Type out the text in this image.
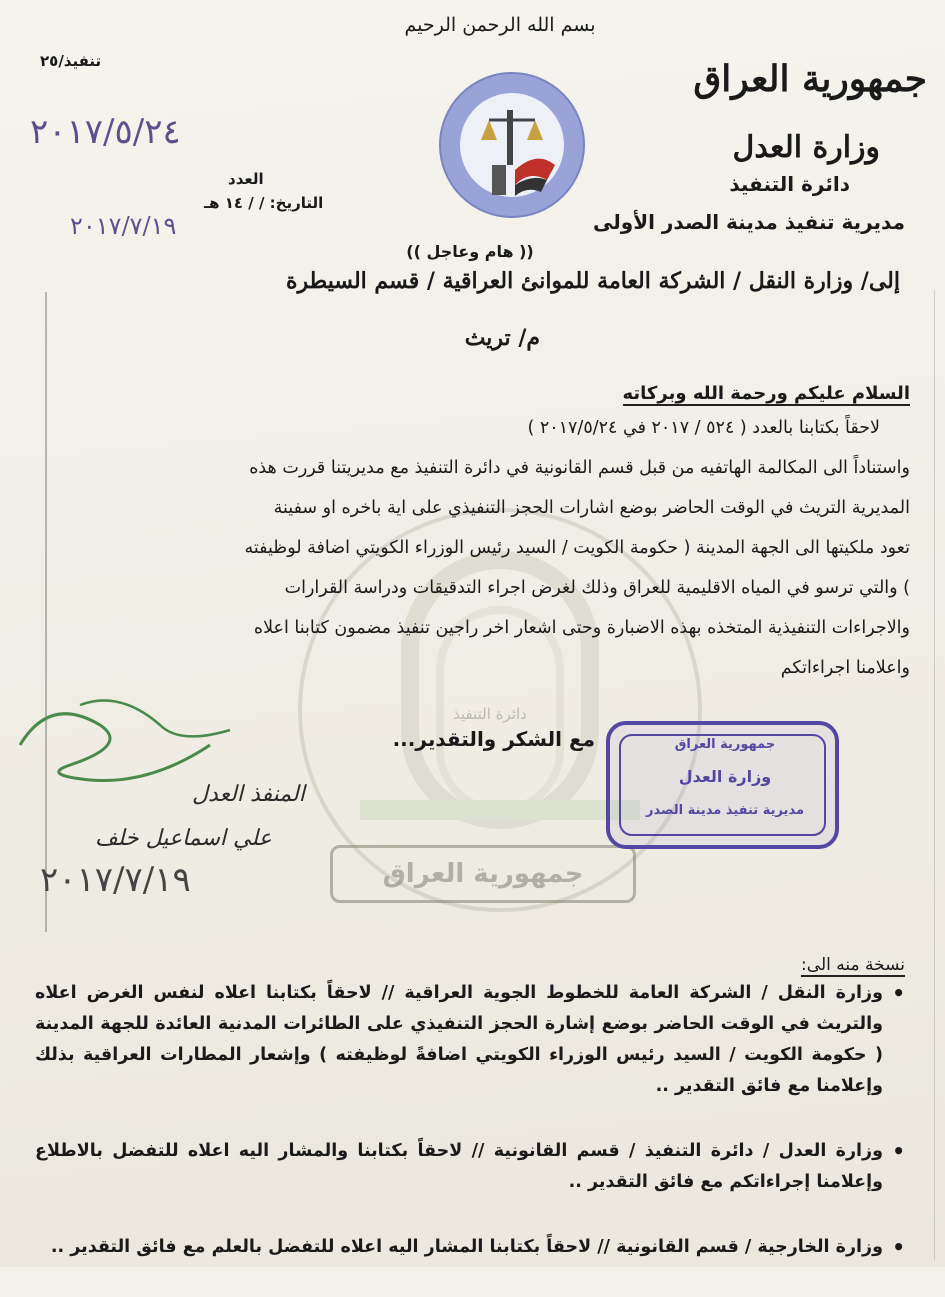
جمهورية العراق
دائرة التنفيذ
بسم الله الرحمن الرحيم
تنفيذ/٢٥	جمهورية العراق
وزارة العدل
دائرة التنفيذ
مديرية تنفيذ مدينة الصدر الأولى
٢٠١٧/٥/٢٤
العدد
التاريخ: / / ١٤ هـ
٢٠١٧/٧/١٩
(( هام وعاجل ))
إلى/ وزارة النقل / الشركة العامة للموانئ العراقية / قسم السيطرة
م/ تريث
السلام عليكم ورحمة الله وبركاته

لاحقاً بكتابنا بالعدد ( ٥٢٤ / ٢٠١٧ في ٢٠١٧/٥/٢٤ )

واستناداً الى المكالمة الهاتفيه من قبل قسم القانونية في دائرة التنفيذ مع مديريتنا قررت هذه

المديرية التريث في الوقت الحاضر بوضع اشارات الحجز التنفيذي على اية باخره او سفينة

تعود ملكيتها الى الجهة المدينة ( حكومة الكويت / السيد رئيس الوزراء الكويتي اضافة لوظيفته

) والتي ترسو في المياه الاقليمية للعراق وذلك لغرض اجراء التدقيقات ودراسة القرارات

والاجراءات التنفيذية المتخذه بهذه الاضبارة وحتى اشعار اخر راجين تنفيذ مضمون كتابنا اعلاه

واعلامنا اجراءاتكم

مع الشكر والتقدير...
المنفذ العدل
علي اسماعيل خلف
٢٠١٧/٧/١٩
جمهورية العراق
وزارة العدل
مديرية تنفيذ مدينة الصدر
نسخة منه الى:
• وزارة النقل / الشركة العامة للخطوط الجوية العراقية // لاحقاً بكتابنا اعلاه لنفس الغرض اعلاه والتريث في الوقت الحاضر بوضع إشارة الحجز التنفيذي على الطائرات المدنية العائدة للجهة المدينة ( حكومة الكويت / السيد رئيس الوزراء الكويتي اضافةً لوظيفته ) وإشعار المطارات العراقية بذلك وإعلامنا مع فائق التقدير ..
• وزارة العدل / دائرة التنفيذ / قسم القانونية // لاحقاً بكتابنا والمشار اليه اعلاه للتفضل بالاطلاع وإعلامنا إجراءاتكم مع فائق التقدير ..
• وزارة الخارجية / قسم القانونية // لاحقاً بكتابنا المشار اليه اعلاه للتفضل بالعلم مع فائق التقدير ..
